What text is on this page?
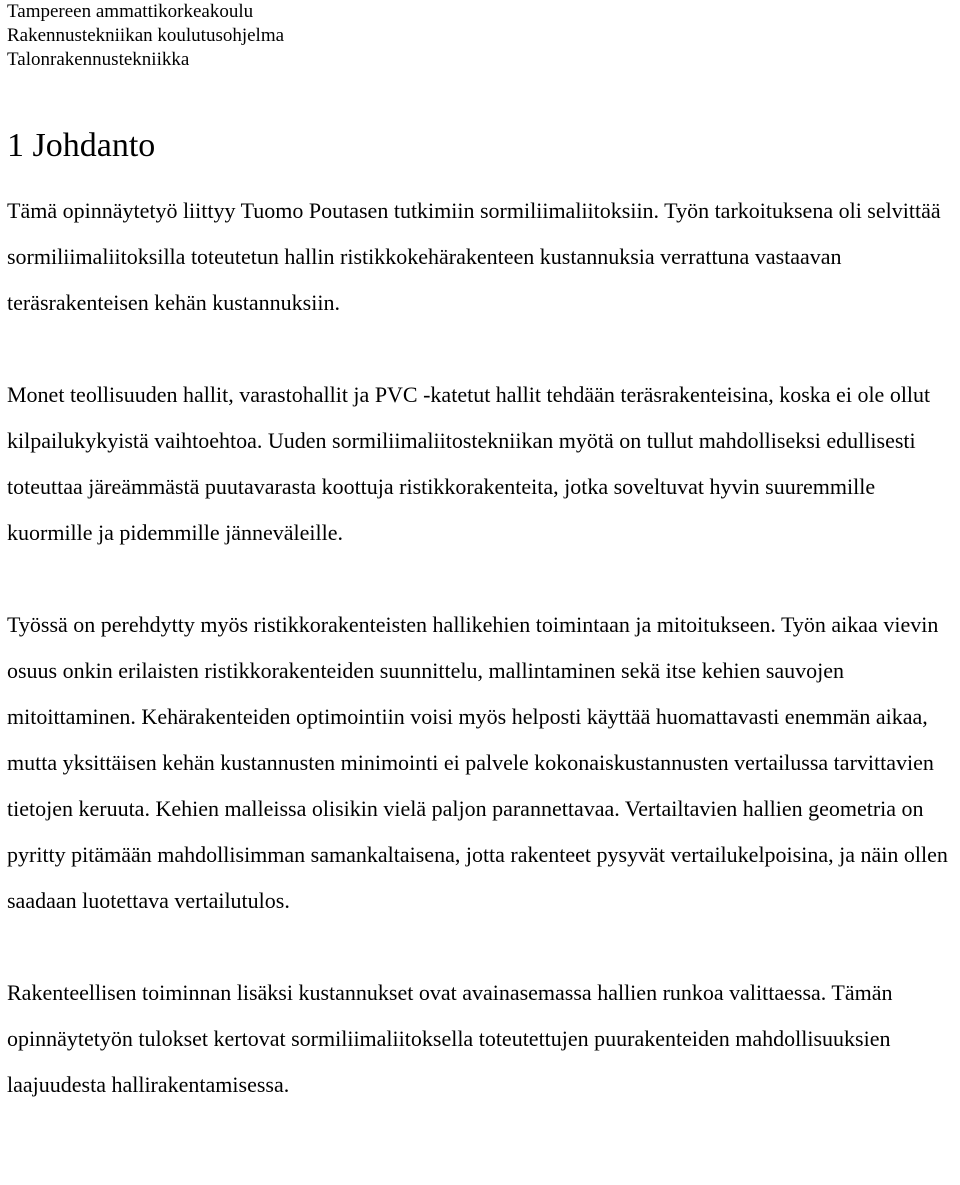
Tampereen ammattikorkeakoulu
Rakennustekniikan koulutusohjelma
Talonrakennustekniikka
1 Johdanto

Tämä opinnäytetyö liittyy Tuomo Poutasen tutkimiin sormiliimaliitoksiin. Työn tarkoituksena oli selvittää sormiliimaliitoksilla toteutetun hallin ristikkokehärakenteen kustannuksia verrattuna vastaavan teräsrakenteisen kehän kustannuksiin.

Monet teollisuuden hallit, varastohallit ja PVC -katetut hallit tehdään teräsrakenteisina, koska ei ole ollut kilpailukykyistä vaihtoehtoa. Uuden sormiliimaliitostekniikan myötä on tullut mahdolliseksi edullisesti toteuttaa järeämmästä puutavarasta koottuja ristikkorakenteita, jotka soveltuvat hyvin suuremmille kuormille ja pidemmille jänneväleille.

Työssä on perehdytty myös ristikkorakenteisten hallikehien toimintaan ja mitoitukseen. Työn aikaa vievin osuus onkin erilaisten ristikkorakenteiden suunnittelu, mallintaminen sekä itse kehien sauvojen mitoittaminen. Kehärakenteiden optimointiin voisi myös helposti käyttää huomattavasti enemmän aikaa, mutta yksittäisen kehän kustannusten minimointi ei palvele kokonaiskustannusten vertailussa tarvittavien tietojen keruuta. Kehien malleissa olisikin vielä paljon parannettavaa. Vertailtavien hallien geometria on pyritty pitämään mahdollisimman samankaltaisena, jotta rakenteet pysyvät vertailukelpoisina, ja näin ollen saadaan luotettava vertailutulos.

Rakenteellisen toiminnan lisäksi kustannukset ovat avainasemassa hallien runkoa valittaessa. Tämän opinnäytetyön tulokset kertovat sormiliimaliitoksella toteutettujen puurakenteiden mahdollisuuksien laajuudesta hallirakentamisessa.
